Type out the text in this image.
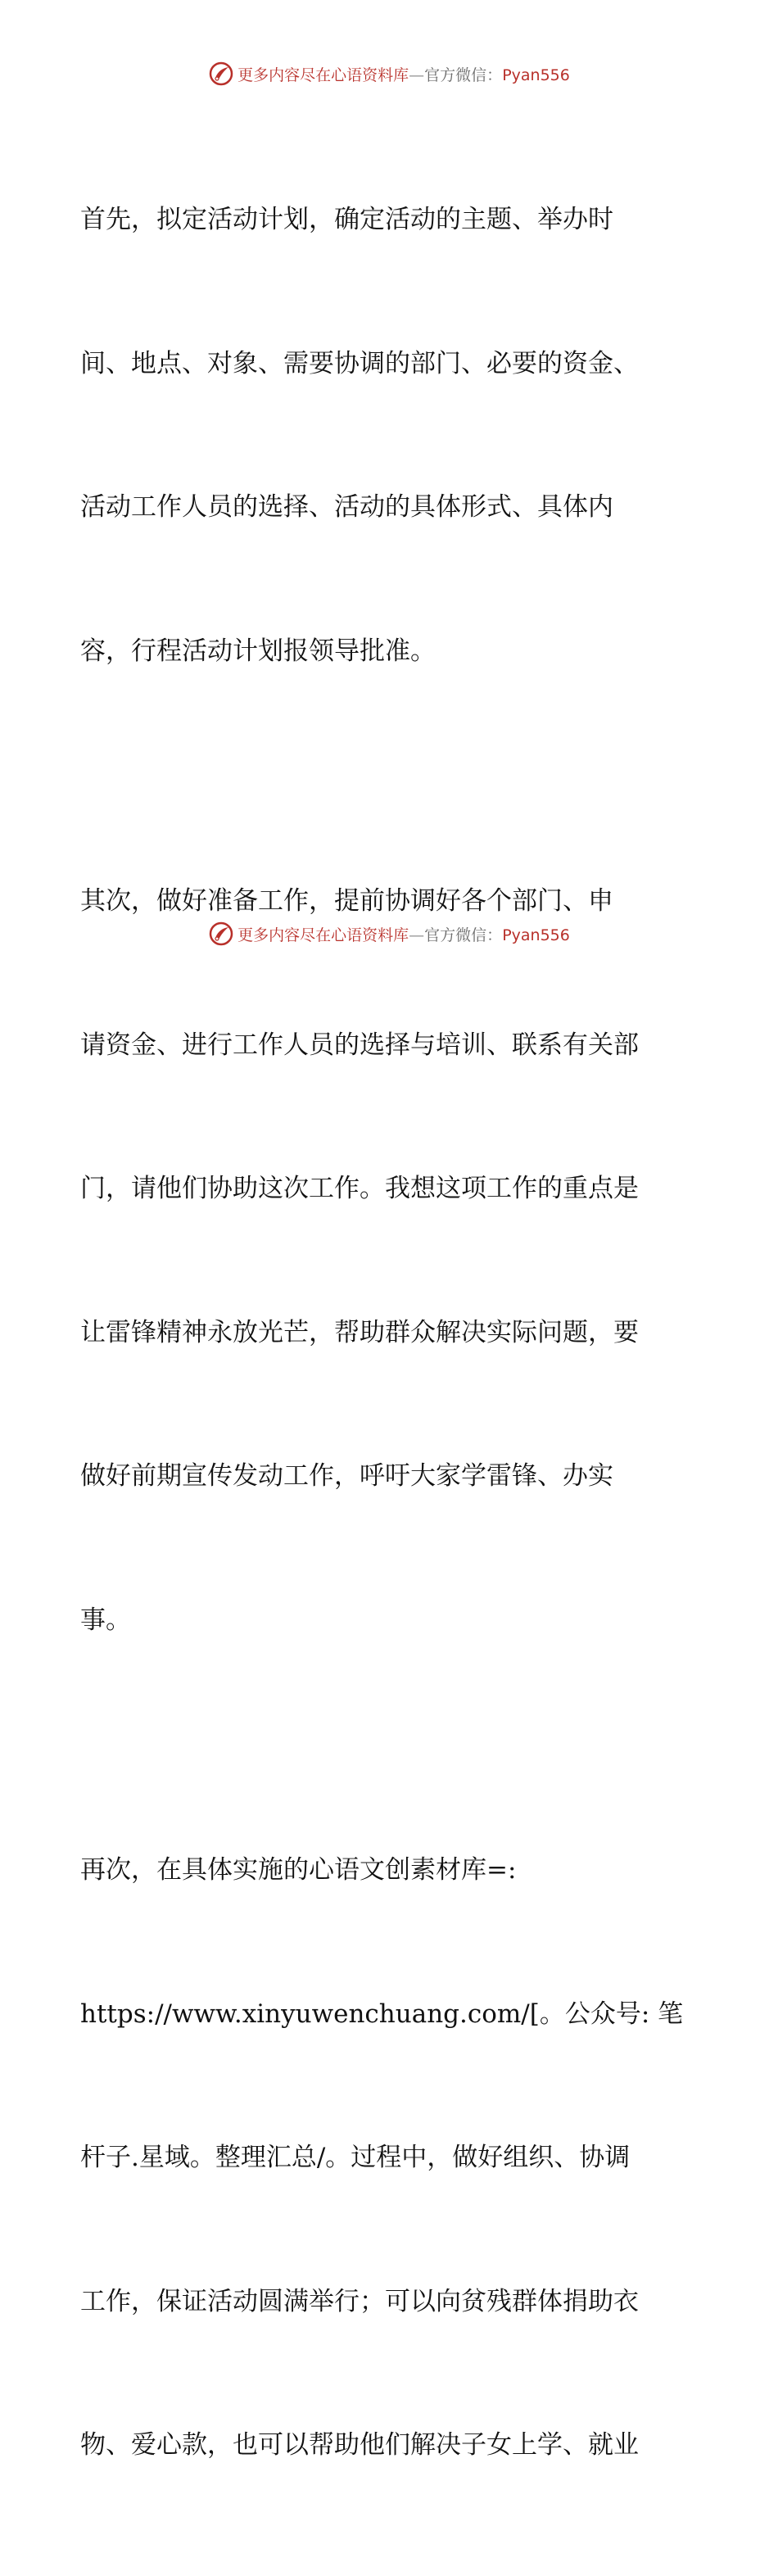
更多内容尽在心语资料库—官方微信：Pyan556

首先，拟定活动计划，确定活动的主题、举办时

间、地点、对象、需要协调的部门、必要的资金、

活动工作人员的选择、活动的具体形式、具体内

容，行程活动计划报领导批准。

其次，做好准备工作，提前协调好各个部门、申

请资金、进行工作人员的选择与培训、联系有关部

门，请他们协助这次工作。我想这项工作的重点是

让雷锋精神永放光芒，帮助群众解决实际问题，要

做好前期宣传发动工作，呼吁大家学雷锋、办实

事。

再次，在具体实施的心语文创素材库=:

https://www.xinyuwenchuang.com/[。公众号: 笔

杆子.星域。整理汇总/。过程中，做好组织、协调

工作，保证活动圆满举行；可以向贫残群体捐助衣

物、爱心款，也可以帮助他们解决子女上学、就业

更多内容尽在心语资料库—官方微信：Pyan556
